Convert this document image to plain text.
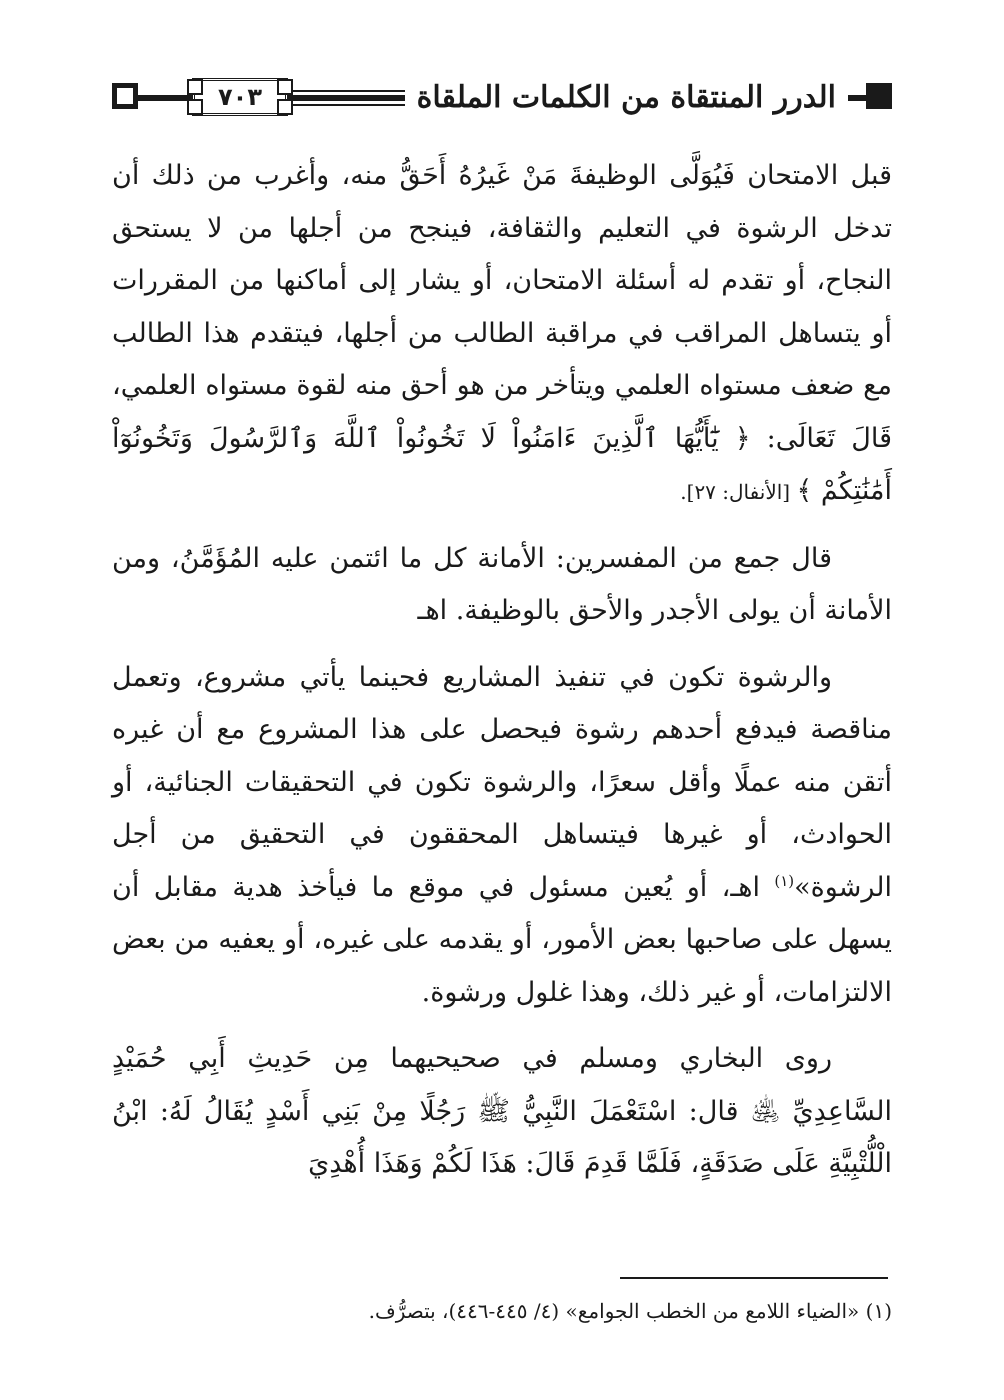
٧٠٣	الدرر المنتقاة من الكلمات الملقاة

قبل الامتحان فَيُوَلَّى الوظيفةَ مَنْ غَيرُهُ أَحَقُّ منه، وأغرب من ذلك أن تدخل الرشوة في التعليم والثقافة، فينجح من أجلها من لا يستحق النجاح، أو تقدم له أسئلة الامتحان، أو يشار إلى أماكنها من المقررات أو يتساهل المراقب في مراقبة الطالب من أجلها، فيتقدم هذا الطالب مع ضعف مستواه العلمي ويتأخر من هو أحق منه لقوة مستواه العلمي، قَالَ تَعَالَى: ﴿ يَٰٓأَيُّهَا ٱلَّذِينَ ءَامَنُواْ لَا تَخُونُواْ ٱللَّهَ وَٱلرَّسُولَ وَتَخُونُوٓاْ أَمَٰنَٰتِكُمْ ﴾ [الأنفال: ٢٧].

قال جمع من المفسرين: الأمانة كل ما ائتمن عليه المُؤَمَّنُ، ومن الأمانة أن يولى الأجدر والأحق بالوظيفة. اهـ

والرشوة تكون في تنفيذ المشاريع فحينما يأتي مشروع، وتعمل مناقصة فيدفع أحدهم رشوة فيحصل على هذا المشروع مع أن غيره أتقن منه عملًا وأقل سعرًا، والرشوة تكون في التحقيقات الجنائية، أو الحوادث، أو غيرها فيتساهل المحققون في التحقيق من أجل الرشوة»$^{(١)}$ اهـ، أو يُعين مسئول في موقع ما فيأخذ هدية مقابل أن يسهل على صاحبها بعض الأمور، أو يقدمه على غيره، أو يعفيه من بعض الالتزامات، أو غير ذلك، وهذا غلول ورشوة.

روى البخاري ومسلم في صحيحيهما مِن حَدِيثِ أَبِي حُمَيْدٍ السَّاعِدِيِّ ﵁ قال: اسْتَعْمَلَ النَّبِيُّ ﷺ رَجُلًا مِنْ بَنِي أَسْدٍ يُقَالُ لَهُ: ابْنُ الْلُّتْبِيَّةِ عَلَى صَدَقَةٍ، فَلَمَّا قَدِمَ قَالَ: هَذَا لَكُمْ وَهَذَا أُهْدِيَ

(١) «الضياء اللامع من الخطب الجوامع» (٤/ ٤٤٥-٤٤٦)، بتصرُّف.
